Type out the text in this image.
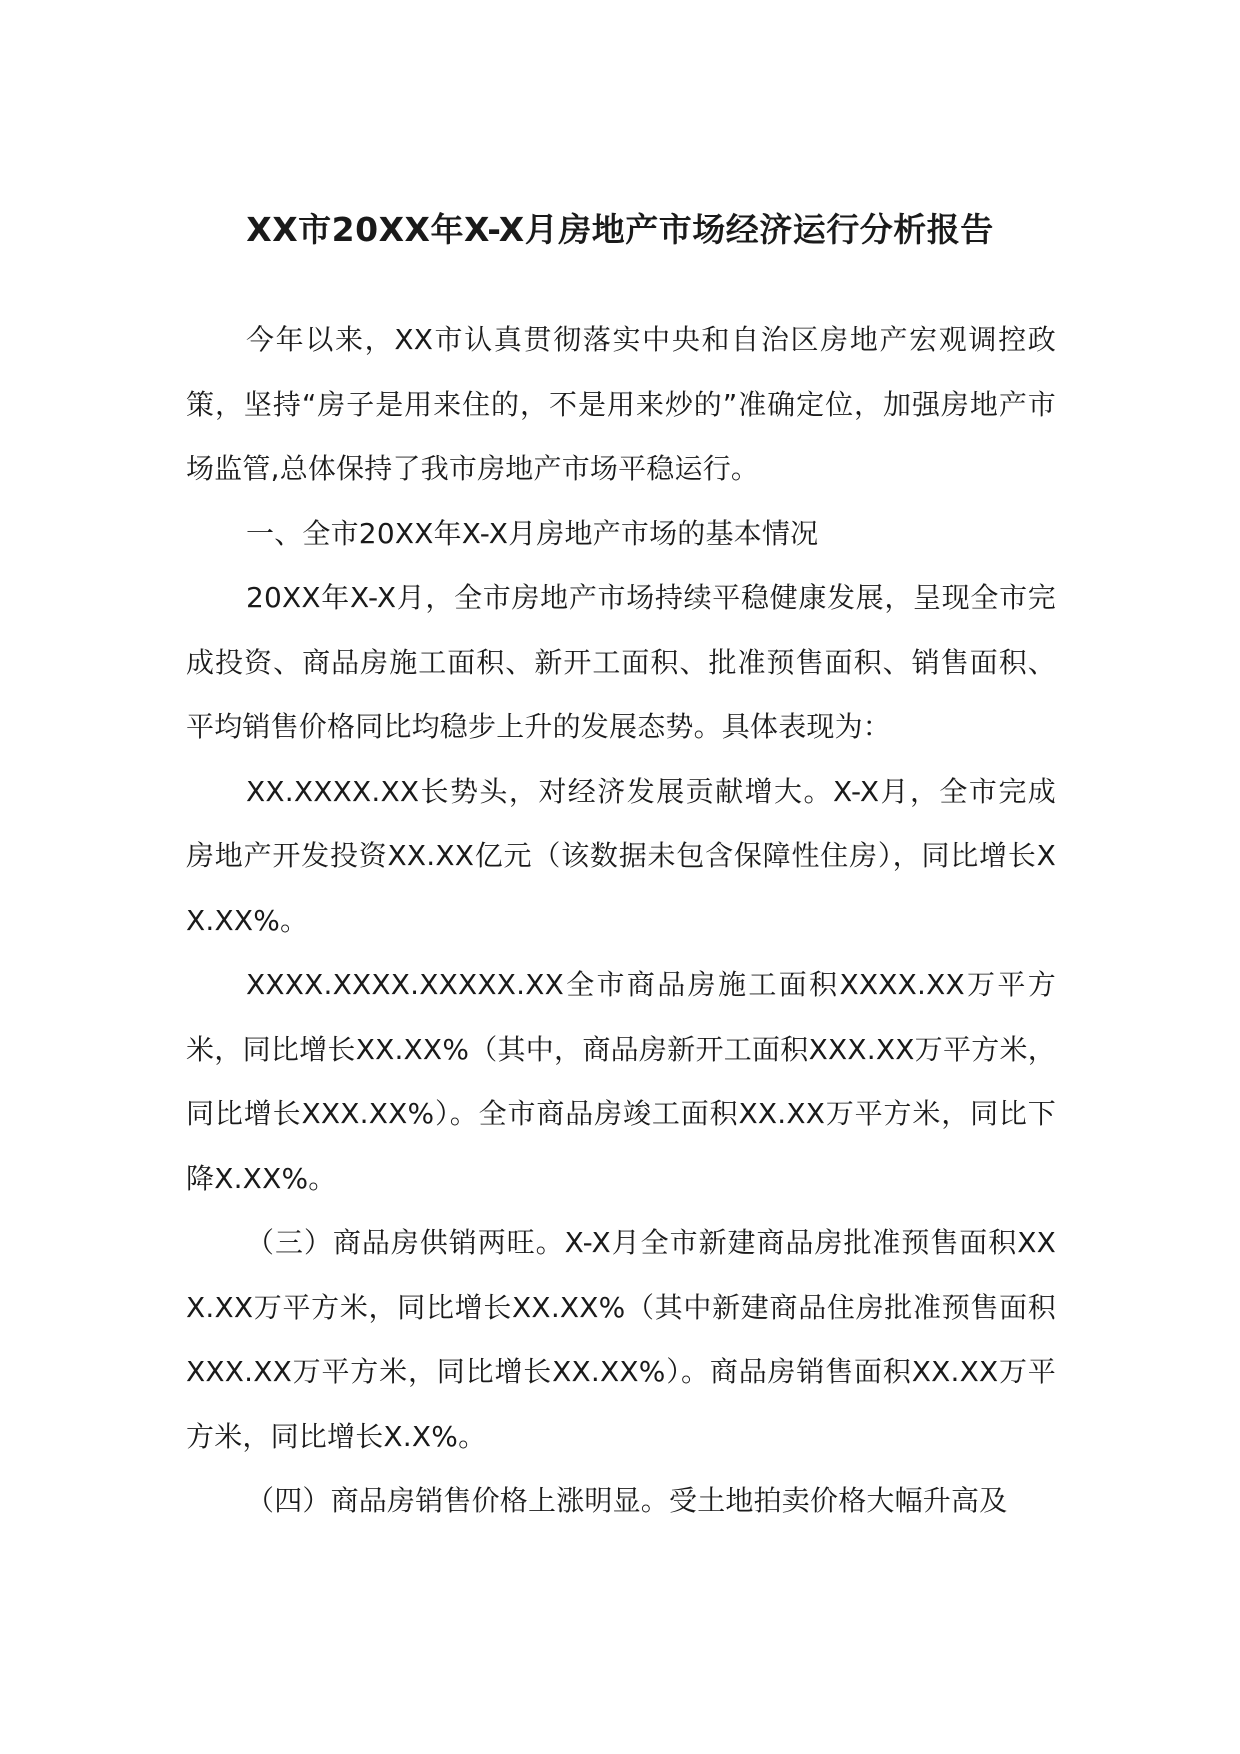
XX市20XX年X-X月房地产市场经济运行分析报告

今年以来，XX市认真贯彻落实中央和自治区房地产宏观调控政策，坚持“房子是用来住的，不是用来炒的”准确定位，加强房地产市场监管,总体保持了我市房地产市场平稳运行。

一、全市20XX年X-X月房地产市场的基本情况

20XX年X-X月，全市房地产市场持续平稳健康发展，呈现全市完成投资、商品房施工面积、新开工面积、批准预售面积、销售面积、平均销售价格同比均稳步上升的发展态势。具体表现为：

XX.XXXX.XX长势头，对经济发展贡献增大。X-X月，全市完成房地产开发投资XX.XX亿元（该数据未包含保障性住房），同比增长XX.XX%。

XXXX.XXXX.XXXXX.XX全市商品房施工面积XXXX.XX万平方米，同比增长XX.XX%（其中，商品房新开工面积XXX.XX万平方米，同比增长XXX.XX%）。全市商品房竣工面积XX.XX万平方米，同比下降X.XX%。

（三）商品房供销两旺。X-X月全市新建商品房批准预售面积XXX.XX万平方米，同比增长XX.XX%（其中新建商品住房批准预售面积XXX.XX万平方米，同比增长XX.XX%）。商品房销售面积XX.XX万平方米，同比增长X.X%。

（四）商品房销售价格上涨明显。受土地拍卖价格大幅升高及
